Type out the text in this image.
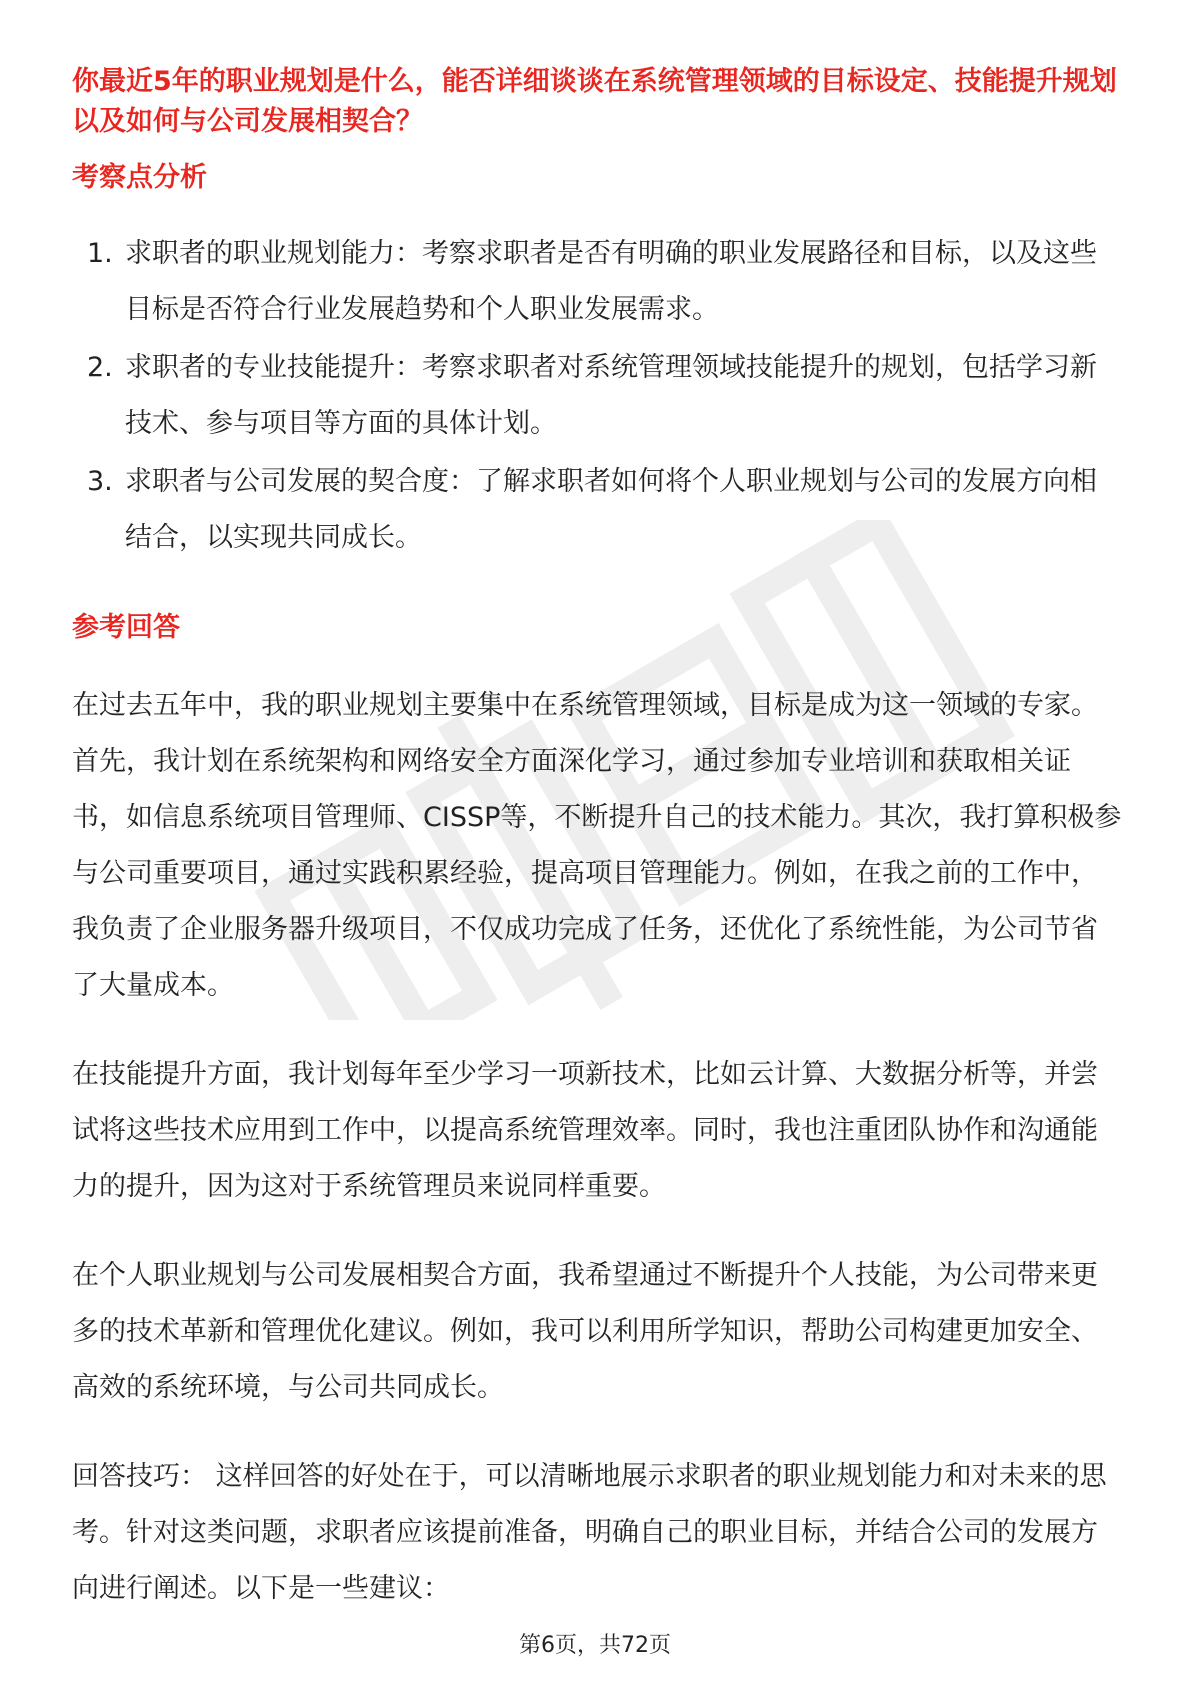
你最近5年的职业规划是什么，能否详细谈谈在系统管理领域的目标设定、技能提升规划以及如何与公司发展相契合？

考察点分析
1. 求职者的职业规划能力：考察求职者是否有明确的职业发展路径和目标，以及这些目标是否符合行业发展趋势和个人职业发展需求。
2. 求职者的专业技能提升：考察求职者对系统管理领域技能提升的规划，包括学习新技术、参与项目等方面的具体计划。
3. 求职者与公司发展的契合度：了解求职者如何将个人职业规划与公司的发展方向相结合，以实现共同成长。
参考回答

在过去五年中，我的职业规划主要集中在系统管理领域，目标是成为这一领域的专家。首先，我计划在系统架构和网络安全方面深化学习，通过参加专业培训和获取相关证书，如信息系统项目管理师、CISSP等，不断提升自己的技术能力。其次，我打算积极参与公司重要项目，通过实践积累经验，提高项目管理能力。例如，在我之前的工作中，我负责了企业服务器升级项目，不仅成功完成了任务，还优化了系统性能，为公司节省了大量成本。

在技能提升方面，我计划每年至少学习一项新技术，比如云计算、大数据分析等，并尝试将这些技术应用到工作中，以提高系统管理效率。同时，我也注重团队协作和沟通能力的提升，因为这对于系统管理员来说同样重要。

在个人职业规划与公司发展相契合方面，我希望通过不断提升个人技能，为公司带来更多的技术革新和管理优化建议。例如，我可以利用所学知识，帮助公司构建更加安全、高效的系统环境，与公司共同成长。

回答技巧： 这样回答的好处在于，可以清晰地展示求职者的职业规划能力和对未来的思考。针对这类问题，求职者应该提前准备，明确自己的职业目标，并结合公司的发展方向进行阐述。以下是一些建议：

第6页，共72页
